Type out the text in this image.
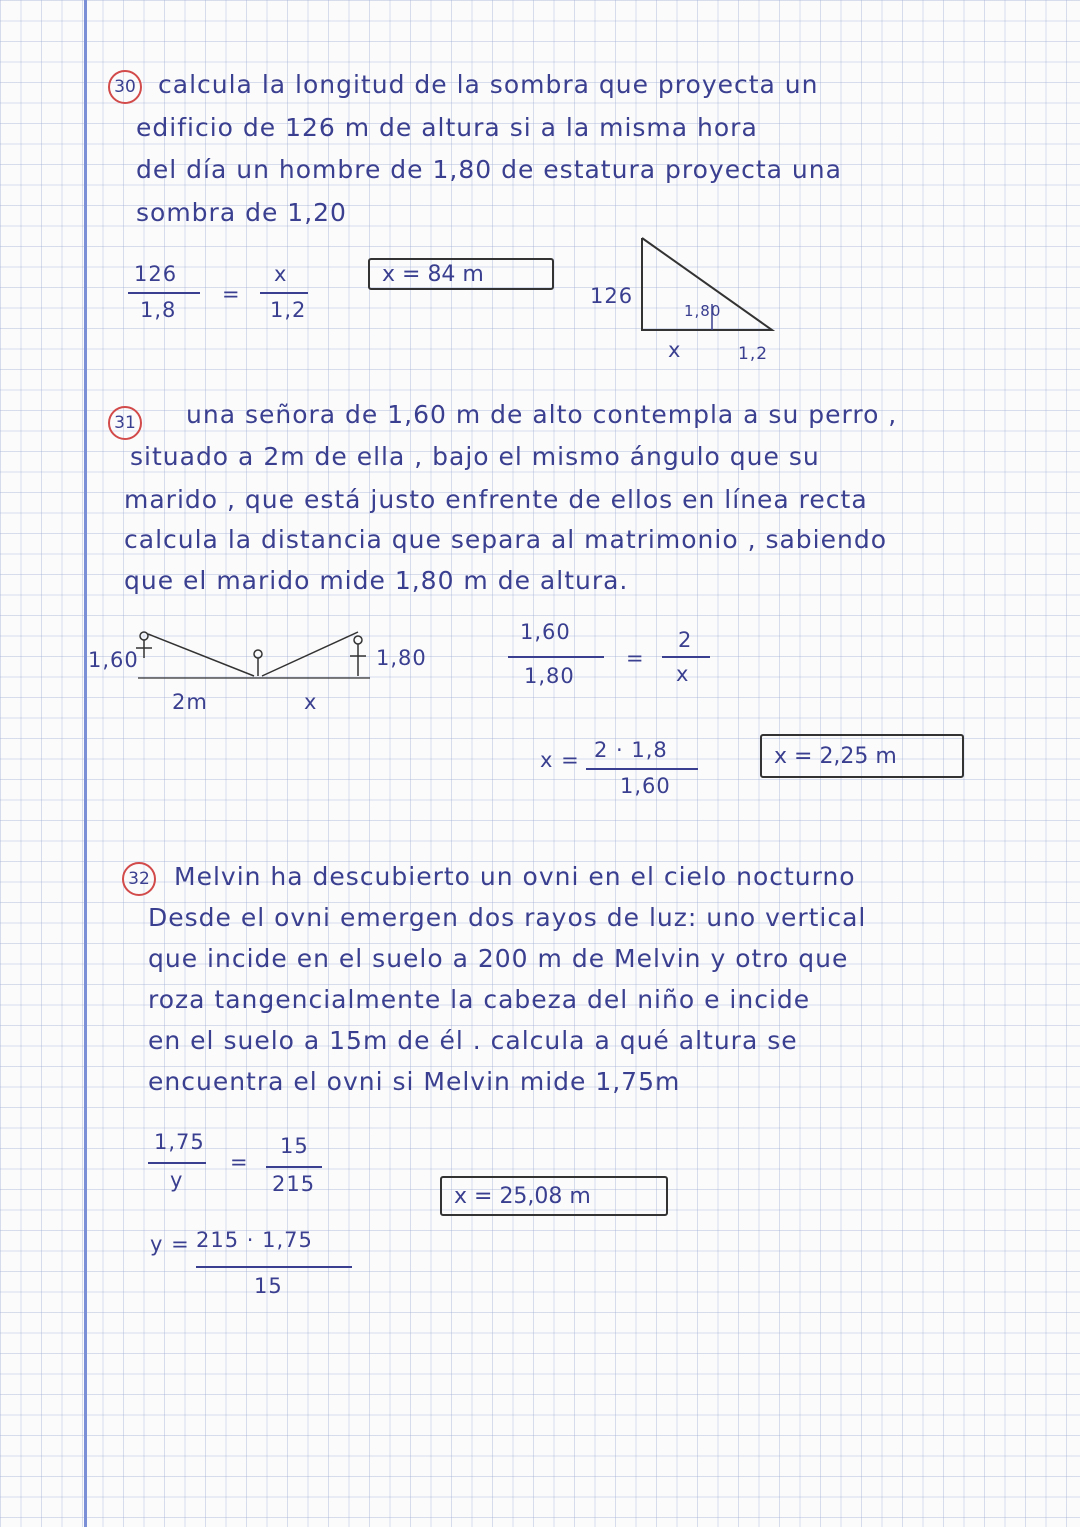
30 calcula la longitud de la sombra que proyecta un
edificio de 126 m de altura si a la misma hora
del día un hombre de 1,80 de estatura proyecta una
sombra de 1,20
126
1,8
=
x
1,2
x = 84 m
126
1,80
x	1,2
31 una señora de 1,60 m de alto contempla a su perro ,
situado a 2m de ella , bajo el mismo ángulo que su
marido , que está justo enfrente de ellos en línea recta
calcula la distancia que separa al matrimonio , sabiendo
que el marido mide 1,80 m de altura.
1,60	1,80
2m	x
1,60
1,80
=
2
x
x = 2 · 1,8
1,60
x = 2,25 m
32 Melvin ha descubierto un ovni en el cielo nocturno
Desde el ovni emergen dos rayos de luz: uno vertical
que incide en el suelo a 200 m de Melvin y otro que
roza tangencialmente la cabeza del niño e incide
en el suelo a 15m de él . calcula a qué altura se
encuentra el ovni si Melvin mide 1,75m
1,75
y
=
15
215	x = 25,08 m
y = 215 · 1,75
15
